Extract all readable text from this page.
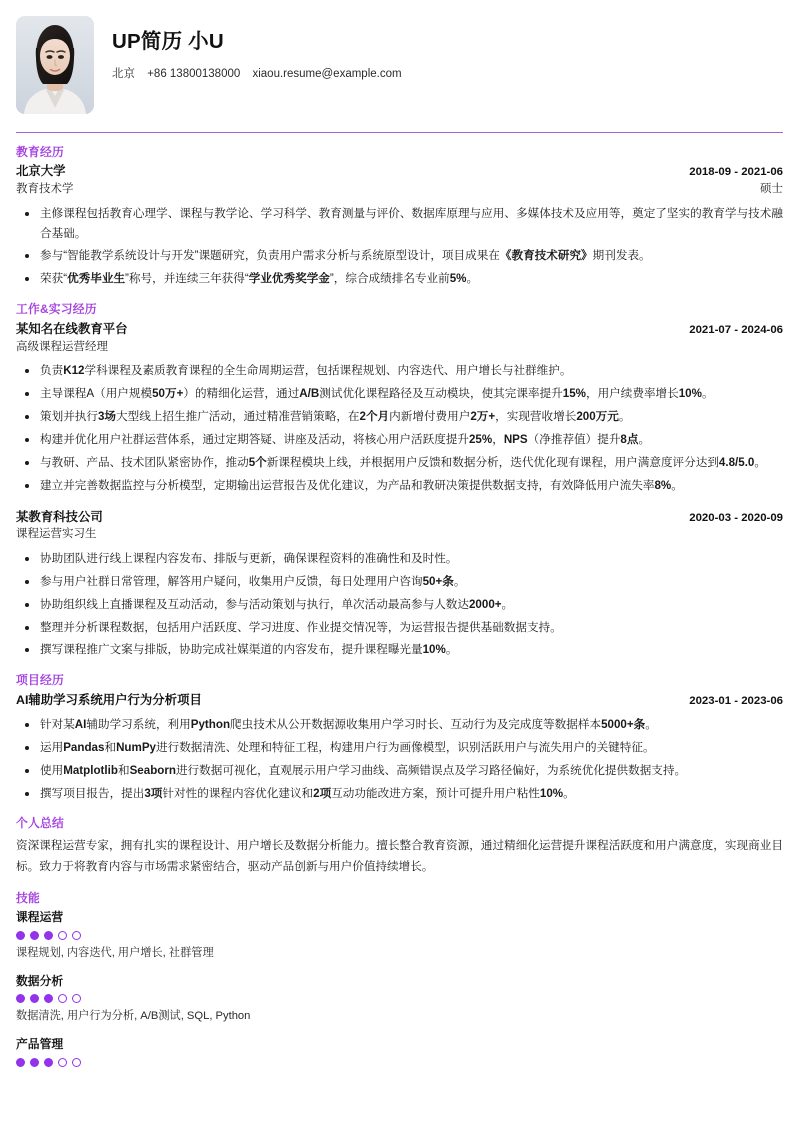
UP简历 小U
北京 +86 13800138000 xiaou.resume@example.com
教育经历
北京大学	2018-09 - 2021-06
教育技术学	硕士
主修课程包括教育心理学、课程与教学论、学习科学、教育测量与评价、数据库原理与应用、多媒体技术及应用等，奠定了坚实的教育学与技术融合基础。
参与“智能教学系统设计与开发”课题研究，负责用户需求分析与系统原型设计，项目成果在《教育技术研究》期刊发表。
荣获“优秀毕业生”称号，并连续三年获得“学业优秀奖学金”，综合成绩排名专业前5%。
工作&实习经历
某知名在线教育平台	2021-07 - 2024-06
高级课程运营经理
负责K12学科课程及素质教育课程的全生命周期运营，包括课程规划、内容迭代、用户增长与社群维护。
主导课程A（用户规模50万+）的精细化运营，通过A/B测试优化课程路径及互动模块，使其完课率提升15%，用户续费率增长10%。
策划并执行3场大型线上招生推广活动，通过精准营销策略，在2个月内新增付费用户2万+，实现营收增长200万元。
构建并优化用户社群运营体系，通过定期答疑、讲座及活动，将核心用户活跃度提升25%，NPS（净推荐值）提升8点。
与教研、产品、技术团队紧密协作，推动5个新课程模块上线，并根据用户反馈和数据分析，迭代优化现有课程，用户满意度评分达到4.8/5.0。
建立并完善数据监控与分析模型，定期输出运营报告及优化建议，为产品和教研决策提供数据支持，有效降低用户流失率8%。
某教育科技公司	2020-03 - 2020-09
课程运营实习生
协助团队进行线上课程内容发布、排版与更新，确保课程资料的准确性和及时性。
参与用户社群日常管理，解答用户疑问，收集用户反馈，每日处理用户咨询50+条。
协助组织线上直播课程及互动活动，参与活动策划与执行，单次活动最高参与人数达2000+。
整理并分析课程数据，包括用户活跃度、学习进度、作业提交情况等，为运营报告提供基础数据支持。
撰写课程推广文案与排版，协助完成社媒渠道的内容发布，提升课程曝光量10%。
项目经历
AI辅助学习系统用户行为分析项目	2023-01 - 2023-06
针对某AI辅助学习系统，利用Python爬虫技术从公开数据源收集用户学习时长、互动行为及完成度等数据样本5000+条。
运用Pandas和NumPy进行数据清洗、处理和特征工程，构建用户行为画像模型，识别活跃用户与流失用户的关键特征。
使用Matplotlib和Seaborn进行数据可视化，直观展示用户学习曲线、高频错误点及学习路径偏好，为系统优化提供数据支持。
撰写项目报告，提出3项针对性的课程内容优化建议和2项互动功能改进方案，预计可提升用户粘性10%。
个人总结
资深课程运营专家，拥有扎实的课程设计、用户增长及数据分析能力。擅长整合教育资源，通过精细化运营提升课程活跃度和用户满意度，实现商业目标。致力于将教育内容与市场需求紧密结合，驱动产品创新与用户价值持续增长。
技能
课程运营
课程规划, 内容迭代, 用户增长, 社群管理
数据分析
数据清洗, 用户行为分析, A/B测试, SQL, Python
产品管理
